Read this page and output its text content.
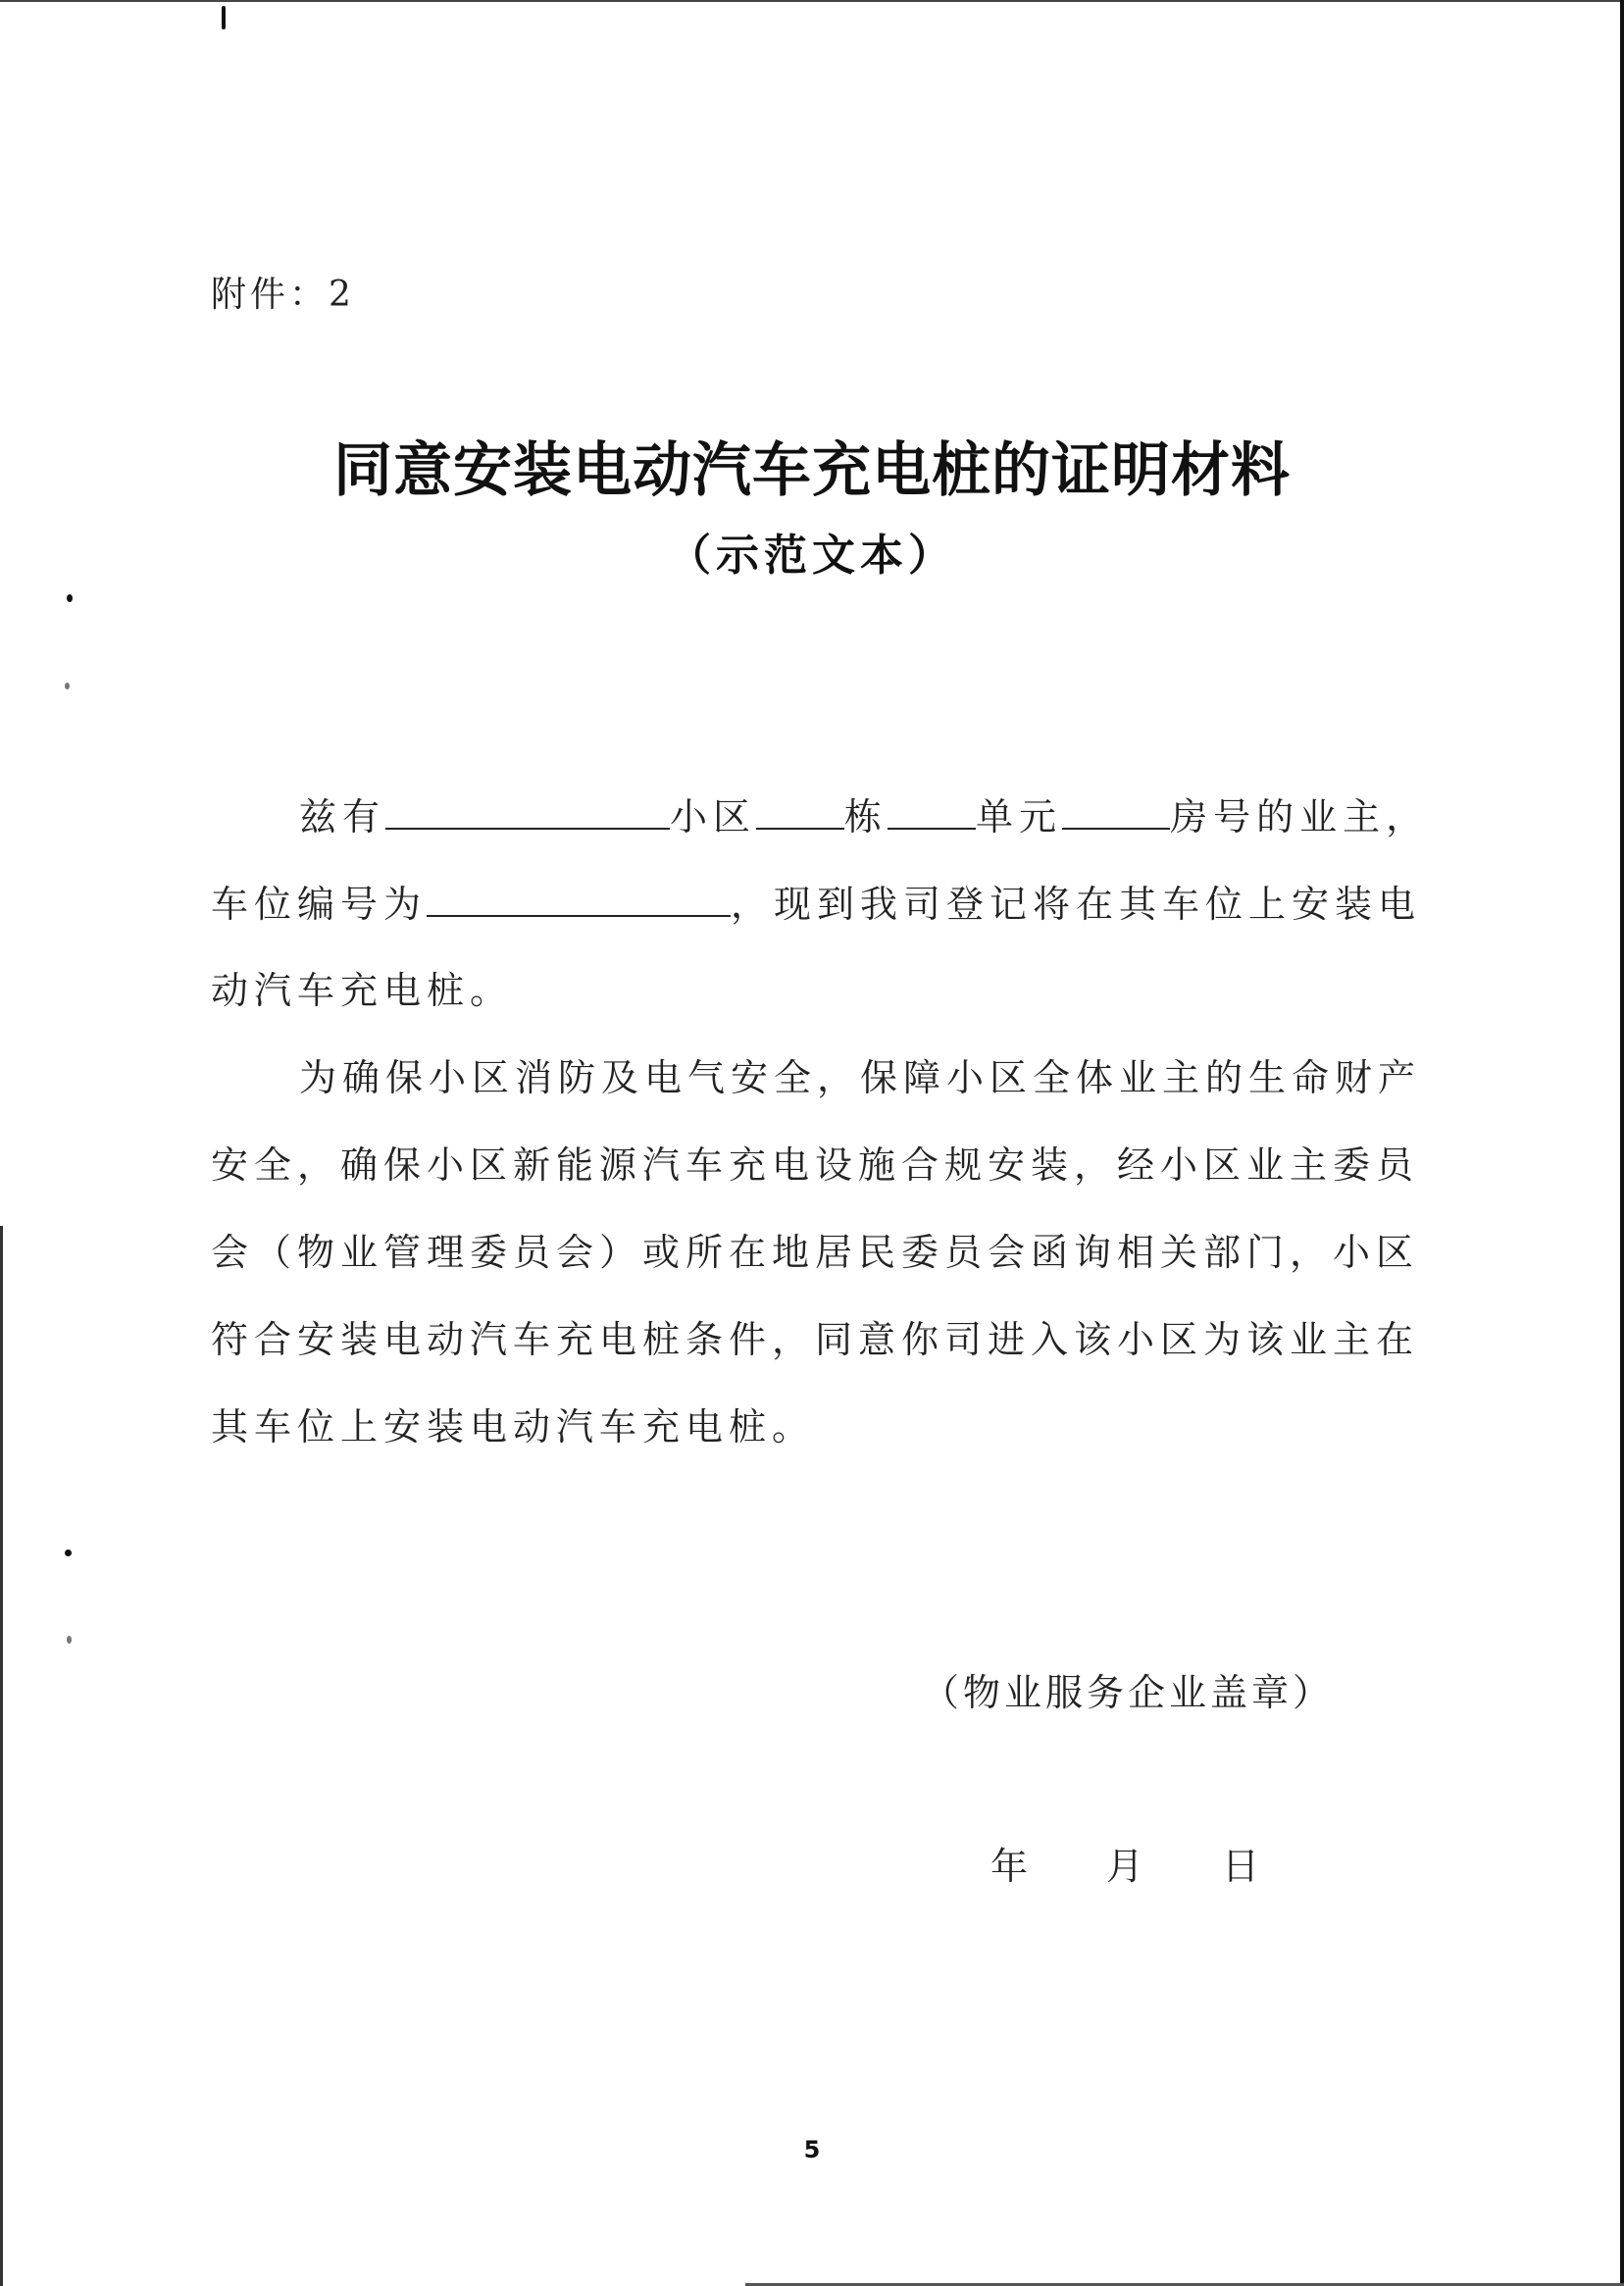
附件：2
同意安装电动汽车充电桩的证明材料
（示范文本）
兹有	小区 栋 单元	房号的业主，
车位编号为	，现到我司登记将在其车位上安装电
动汽车充电桩。
为确保小区消防及电气安全，保障小区全体业主的生命财产
安全，确保小区新能源汽车充电设施合规安装，经小区业主委员
会（物业管理委员会）或所在地居民委员会函询相关部门，小区
符合安装电动汽车充电桩条件，同意你司进入该小区为该业主在
其车位上安装电动汽车充电桩。
（物业服务企业盖章）
年 月 日
5
